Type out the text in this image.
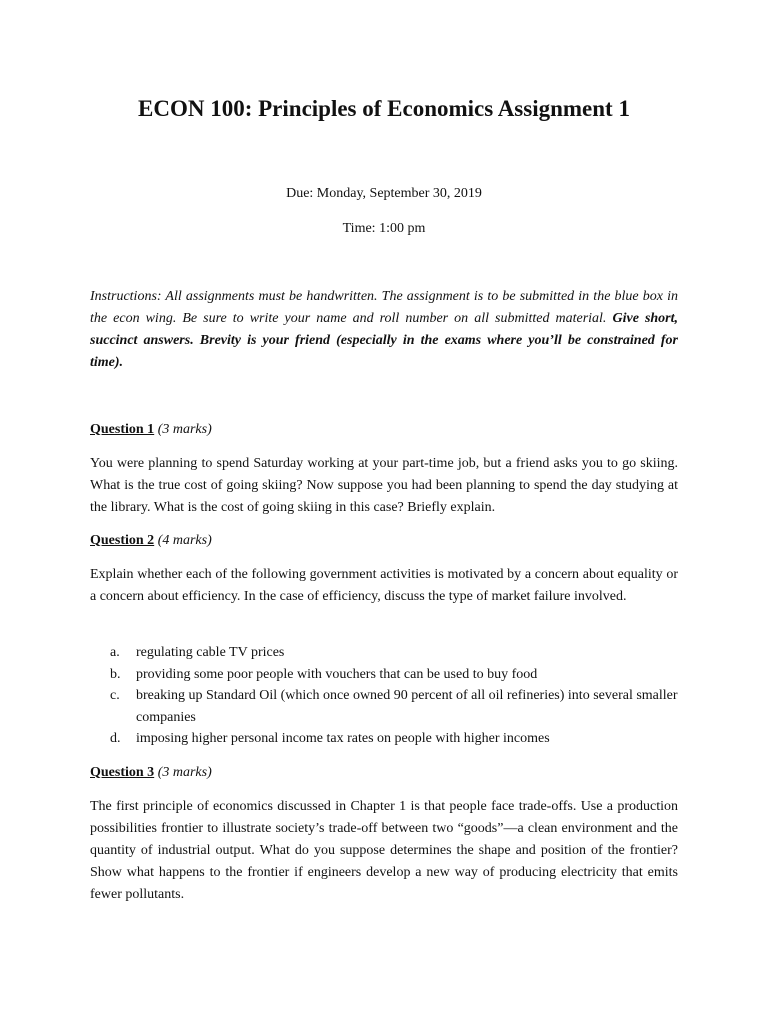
ECON 100: Principles of Economics Assignment 1

Due: Monday, September 30, 2019

Time: 1:00 pm

Instructions: All assignments must be handwritten. The assignment is to be submitted in the blue box in the econ wing. Be sure to write your name and roll number on all submitted material. Give short, succinct answers. Brevity is your friend (especially in the exams where you’ll be constrained for time).

Question 1 (3 marks)

You were planning to spend Saturday working at your part-time job, but a friend asks you to go skiing. What is the true cost of going skiing? Now suppose you had been planning to spend the day studying at the library. What is the cost of going skiing in this case? Briefly explain.

Question 2 (4 marks)

Explain whether each of the following government activities is motivated by a concern about equality or a concern about efficiency. In the case of efficiency, discuss the type of market failure involved.

a.	regulating cable TV prices
b.	providing some poor people with vouchers that can be used to buy food
c.	breaking up Standard Oil (which once owned 90 percent of all oil refineries) into several smaller companies
d.	imposing higher personal income tax rates on people with higher incomes

Question 3 (3 marks)

The first principle of economics discussed in Chapter 1 is that people face trade-offs. Use a production possibilities frontier to illustrate society’s trade-off between two “goods”—a clean environment and the quantity of industrial output. What do you suppose determines the shape and position of the frontier? Show what happens to the frontier if engineers develop a new way of producing electricity that emits fewer pollutants.
